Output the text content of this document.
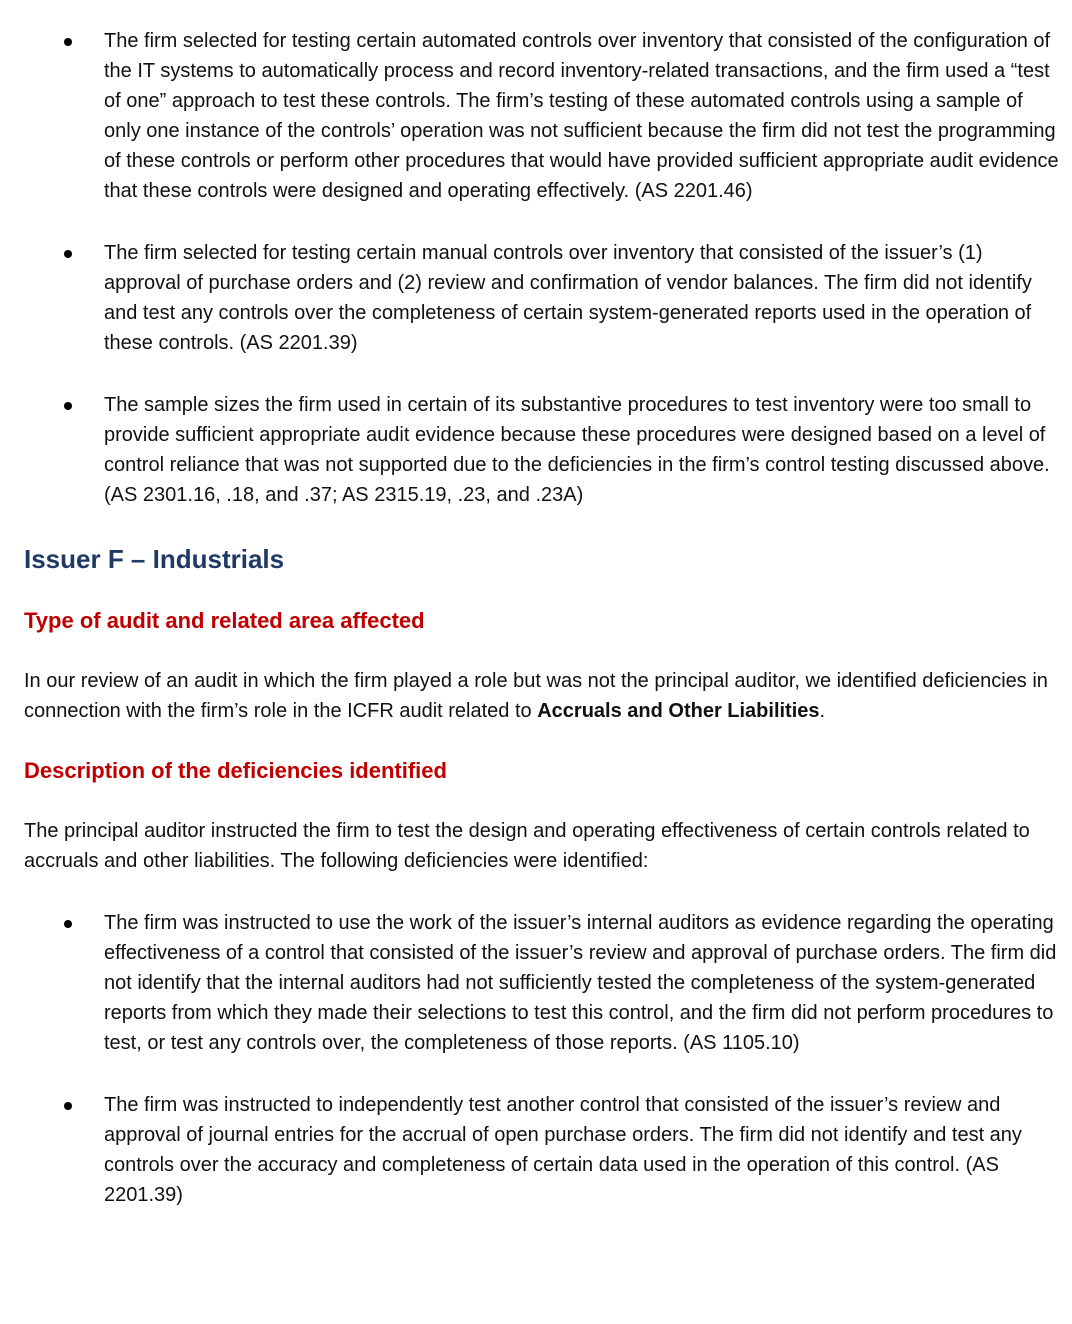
The firm selected for testing certain automated controls over inventory that consisted of the configuration of the IT systems to automatically process and record inventory-related transactions, and the firm used a “test of one” approach to test these controls. The firm’s testing of these automated controls using a sample of only one instance of the controls’ operation was not sufficient because the firm did not test the programming of these controls or perform other procedures that would have provided sufficient appropriate audit evidence that these controls were designed and operating effectively. (AS 2201.46)
The firm selected for testing certain manual controls over inventory that consisted of the issuer’s (1) approval of purchase orders and (2) review and confirmation of vendor balances. The firm did not identify and test any controls over the completeness of certain system-generated reports used in the operation of these controls. (AS 2201.39)
The sample sizes the firm used in certain of its substantive procedures to test inventory were too small to provide sufficient appropriate audit evidence because these procedures were designed based on a level of control reliance that was not supported due to the deficiencies in the firm’s control testing discussed above. (AS 2301.16, .18, and .37; AS 2315.19, .23, and .23A)
Issuer F – Industrials
Type of audit and related area affected

In our review of an audit in which the firm played a role but was not the principal auditor, we identified deficiencies in connection with the firm’s role in the ICFR audit related to Accruals and Other Liabilities.

Description of the deficiencies identified

The principal auditor instructed the firm to test the design and operating effectiveness of certain controls related to accruals and other liabilities. The following deficiencies were identified:

The firm was instructed to use the work of the issuer’s internal auditors as evidence regarding the operating effectiveness of a control that consisted of the issuer’s review and approval of purchase orders. The firm did not identify that the internal auditors had not sufficiently tested the completeness of the system-generated reports from which they made their selections to test this control, and the firm did not perform procedures to test, or test any controls over, the completeness of those reports. (AS 1105.10)
The firm was instructed to independently test another control that consisted of the issuer’s review and approval of journal entries for the accrual of open purchase orders. The firm did not identify and test any controls over the accuracy and completeness of certain data used in the operation of this control. (AS 2201.39)
